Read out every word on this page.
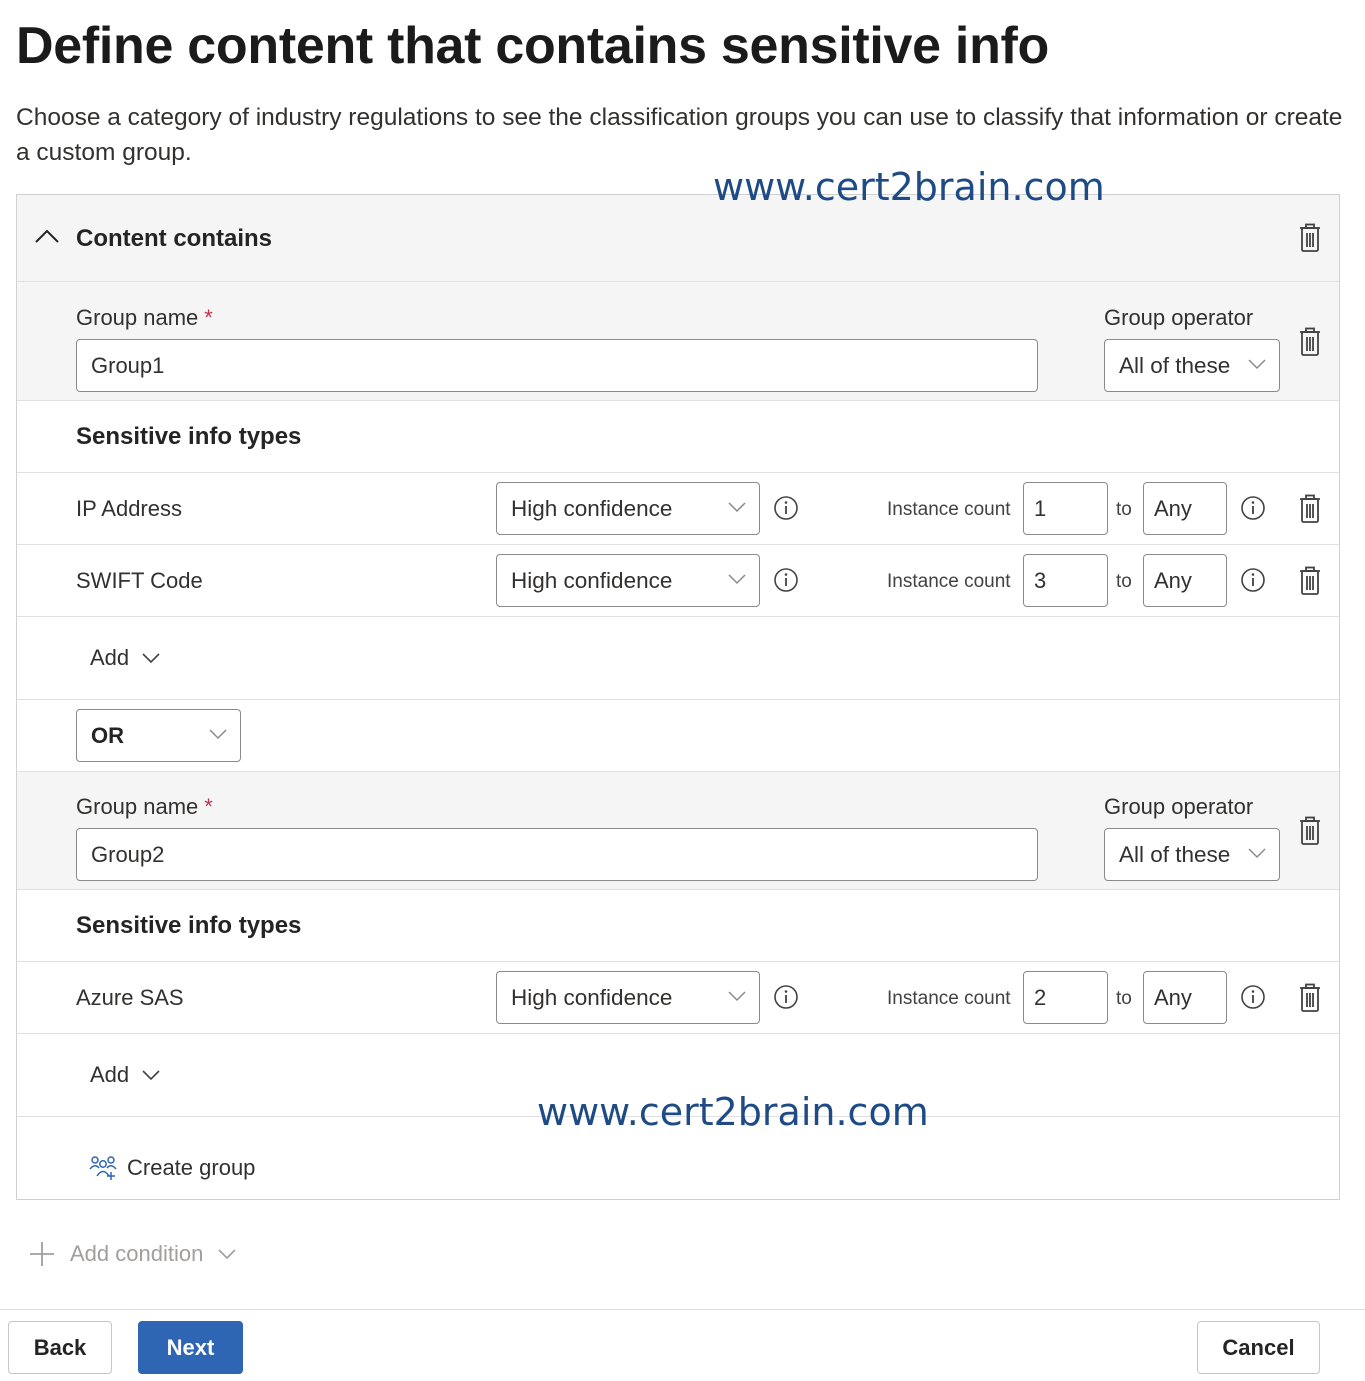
Define content that contains sensitive info
Choose a category of industry regulations to see the classification groups you can use to classify that information or create a custom group.
Content contains
Group name *
Group1
Group operator
All of these
Sensitive info types
IP Address	High confidence	Instance count	1	to	Any
SWIFT Code	High confidence	Instance count	3	to	Any
Add
OR
Group name *
Group2
Group operator
All of these
Sensitive info types
Azure SAS	High confidence	Instance count	2	to	Any
Add
Create group
www.cert2brain.com
www.cert2brain.com
Add condition
Back	Next	Cancel
